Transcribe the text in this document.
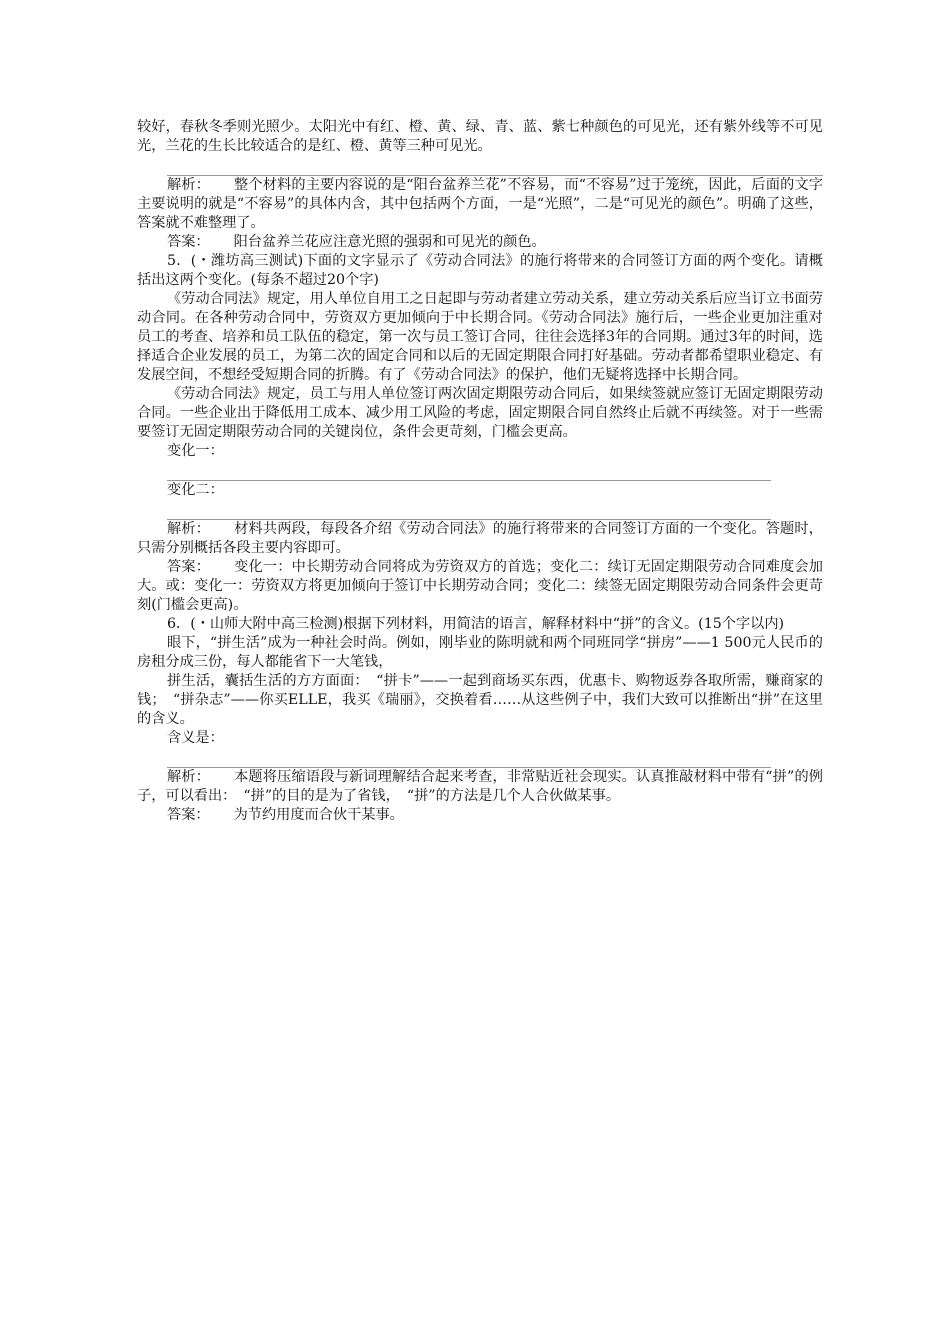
较好，春秋冬季则光照少。太阳光中有红、橙、黄、绿、青、蓝、紫七种颜色的可见光，还有紫外线等不可见光，兰花的生长比较适合的是红、橙、黄等三种可见光。

解析： 整个材料的主要内容说的是“阳台盆养兰花”不容易，而“不容易”过于笼统，因此，后面的文字主要说明的就是“不容易”的具体内含，其中包括两个方面，一是“光照”，二是“可见光的颜色”。明确了这些，答案就不难整理了。

答案： 阳台盆养兰花应注意光照的强弱和可见光的颜色。

5．(・潍坊高三测试)下面的文字显示了《劳动合同法》的施行将带来的合同签订方面的两个变化。请概括出这两个变化。(每条不超过20个字)

《劳动合同法》规定，用人单位自用工之日起即与劳动者建立劳动关系，建立劳动关系后应当订立书面劳动合同。在各种劳动合同中，劳资双方更加倾向于中长期合同。《劳动合同法》施行后，一些企业更加注重对员工的考查、培养和员工队伍的稳定，第一次与员工签订合同，往往会选择3年的合同期。通过3年的时间，选择适合企业发展的员工，为第二次的固定合同和以后的无固定期限合同打好基础。劳动者都希望职业稳定、有发展空间，不想经受短期合同的折腾。有了《劳动合同法》的保护，他们无疑将选择中长期合同。

《劳动合同法》规定，员工与用人单位签订两次固定期限劳动合同后，如果续签就应签订无固定期限劳动合同。一些企业出于降低用工成本、减少用工风险的考虑，固定期限合同自然终止后就不再续签。对于一些需要签订无固定期限劳动合同的关键岗位，条件会更苛刻，门槛会更高。

变化一：

变化二：

解析： 材料共两段，每段各介绍《劳动合同法》的施行将带来的合同签订方面的一个变化。答题时，只需分别概括各段主要内容即可。

答案： 变化一：中长期劳动合同将成为劳资双方的首选；变化二：续订无固定期限劳动合同难度会加大。或：变化一：劳资双方将更加倾向于签订中长期劳动合同；变化二：续签无固定期限劳动合同条件会更苛刻(门槛会更高)。

6．(・山师大附中高三检测)根据下列材料，用简洁的语言，解释材料中“拼”的含义。(15个字以内)

眼下，“拼生活”成为一种社会时尚。例如，刚毕业的陈明就和两个同班同学“拼房”——1 500元人民币的房租分成三份，每人都能省下一大笔钱，

拼生活，囊括生活的方方面面：　“拼卡”——一起到商场买东西，优惠卡、购物返券各取所需，赚商家的钱；　“拼杂志”——你买ELLE，我买《瑞丽》，交换着看……从这些例子中，我们大致可以推断出“拼”在这里的含义。

含义是：

解析： 本题将压缩语段与新词理解结合起来考查，非常贴近社会现实。认真推敲材料中带有“拼”的例子，可以看出：　“拼”的目的是为了省钱，　“拼”的方法是几个人合伙做某事。

答案： 为节约用度而合伙干某事。
